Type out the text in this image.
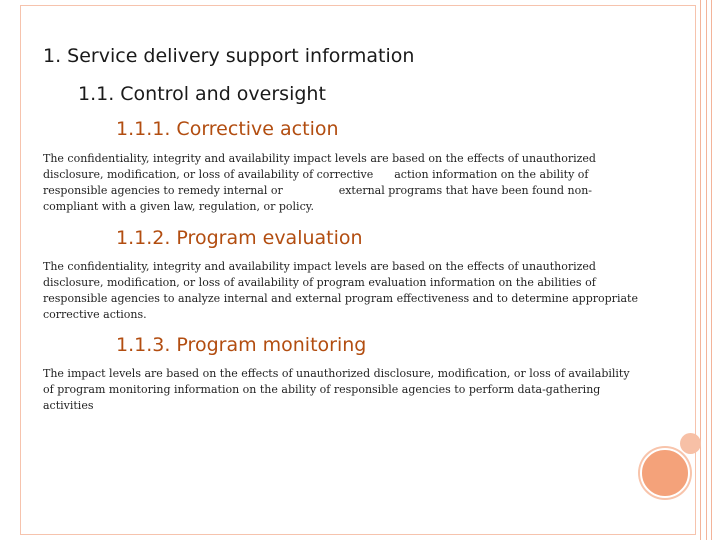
1. Service delivery support information
1.1. Control and oversight
1.1.1. Corrective action
The confidentiality, integrity and availability impact levels are based on the effects of unauthorized
disclosure, modification, or loss of availability of corrective      action information on the ability of
responsible agencies to remedy internal or                external programs that have been found non-
compliant with a given law, regulation, or policy.
1.1.2. Program evaluation
The confidentiality, integrity and availability impact levels are based on the effects of unauthorized
disclosure, modification, or loss of availability of program evaluation information on the abilities of
responsible agencies to analyze internal and external program effectiveness and to determine appropriate
corrective actions.
1.1.3. Program monitoring
The impact levels are based on the effects of unauthorized disclosure, modification, or loss of availability
of program monitoring information on the ability of responsible agencies to perform data-gathering
activities
